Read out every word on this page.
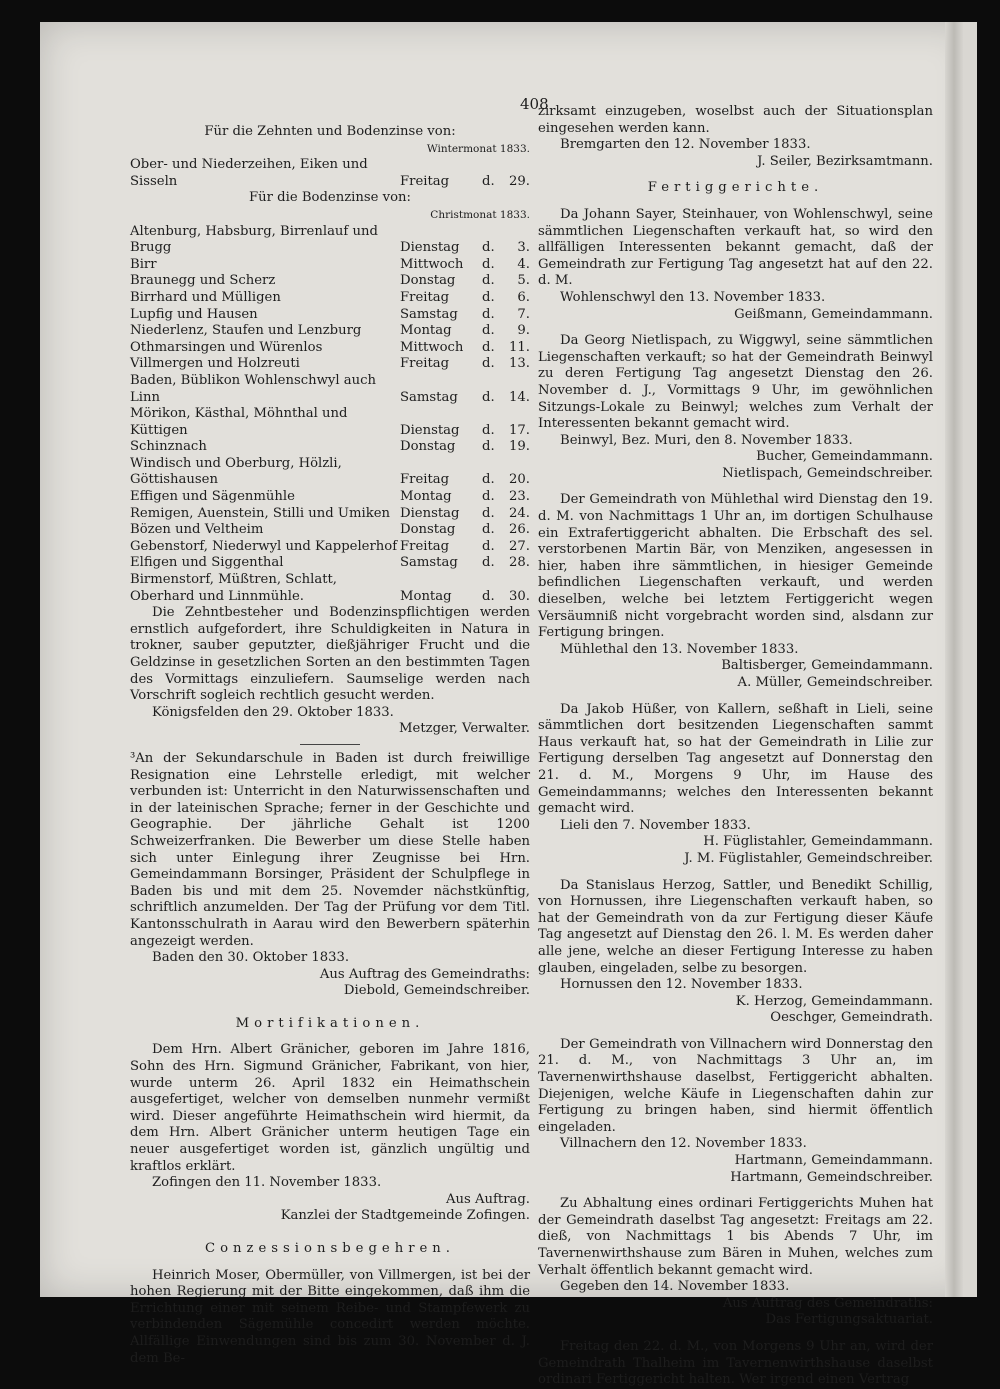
408
Für die Zehnten und Bodenzinse von:
Wintermonat 1833.
Ober- und Niederzeihen, Eiken und Sisseln	Freitag	d.	29.
Für die Bodenzinse von:
Christmonat 1833.
Altenburg, Habsburg, Birrenlauf und Brugg	Dienstag	d.	3.
Birr	Mittwoch	d.	4.
Braunegg und Scherz	Donstag	d.	5.
Birrhard und Mülligen	Freitag	d.	6.
Lupfig und Hausen	Samstag	d.	7.
Niederlenz, Staufen und Lenzburg	Montag	d.	9.
Othmarsingen und Würenlos	Mittwoch	d.	11.
Villmergen und Holzreuti	Freitag	d.	13.
Baden, Büblikon Wohlenschwyl auch Linn	Samstag	d.	14.
Mörikon, Kästhal, Möhnthal und Küttigen	Dienstag	d.	17.
Schinznach	Donstag	d.	19.
Windisch und Oberburg, Hölzli, Göttishausen	Freitag	d.	20.
Effigen und Sägenmühle	Montag	d.	23.
Remigen, Auenstein, Stilli und Umiken	Dienstag	d.	24.
Bözen und Veltheim	Donstag	d.	26.
Gebenstorf, Niederwyl und Kappelerhof	Freitag	d.	27.
Elfigen und Siggenthal	Samstag	d.	28.
Birmenstorf, Müßtren, Schlatt, Oberhard und Linnmühle.	Montag	d.	30.
Die Zehntbesteher und Bodenzinspflichtigen werden ernstlich aufgefordert, ihre Schuldigkeiten in Natura in trokner, sauber geputzter, dießjähriger Frucht und die Geldzinse in gesetzlichen Sorten an den bestimmten Tagen des Vormittags einzuliefern. Saumselige werden nach Vorschrift sogleich rechtlich gesucht werden.
Königsfelden den 29. Oktober 1833.
Metzger, Verwalter.
³An der Sekundarschule in Baden ist durch freiwillige Resignation eine Lehrstelle erledigt, mit welcher verbunden ist: Unterricht in den Naturwissenschaften und in der lateinischen Sprache; ferner in der Geschichte und Geographie. Der jährliche Gehalt ist 1200 Schweizerfranken. Die Bewerber um diese Stelle haben sich unter Einlegung ihrer Zeugnisse bei Hrn. Gemeindammann Borsinger, Präsident der Schulpflege in Baden bis und mit dem 25. Novemder nächstkünftig, schriftlich anzumelden. Der Tag der Prüfung vor dem Titl. Kantonsschulrath in Aarau wird den Bewerbern späterhin angezeigt werden.
Baden den 30. Oktober 1833.
Aus Auftrag des Gemeindraths:
Diebold, Gemeindschreiber.
Mortifikationen.
Dem Hrn. Albert Gränicher, geboren im Jahre 1816, Sohn des Hrn. Sigmund Gränicher, Fabrikant, von hier, wurde unterm 26. April 1832 ein Heimathschein ausgefertiget, welcher von demselben nunmehr vermißt wird. Dieser angeführte Heimathschein wird hiermit, da dem Hrn. Albert Gränicher unterm heutigen Tage ein neuer ausgefertiget worden ist, gänzlich ungültig und kraftlos erklärt.
Zofingen den 11. November 1833.
Aus Auftrag.
Kanzlei der Stadtgemeinde Zofingen.
Conzessionsbegehren.
Heinrich Moser, Obermüller, von Villmergen, ist bei der hohen Regierung mit der Bitte eingekommen, daß ihm die Errichtung einer mit seinem Reibe- und Stampfewerk zu verbindenden Sägemühle concedirt werden möchte. Allfällige Einwendungen sind bis zum 30. November d. J. dem Be-
zirksamt einzugeben, woselbst auch der Situationsplan eingesehen werden kann.
Bremgarten den 12. November 1833.
J. Seiler, Bezirksamtmann.
Fertiggerichte.
Da Johann Sayer, Steinhauer, von Wohlenschwyl, seine sämmtlichen Liegenschaften verkauft hat, so wird den allfälligen Interessenten bekannt gemacht, daß der Gemeindrath zur Fertigung Tag angesetzt hat auf den 22. d. M.
Wohlenschwyl den 13. November 1833.
Geißmann, Gemeindammann.
Da Georg Nietlispach, zu Wiggwyl, seine sämmtlichen Liegenschaften verkauft; so hat der Gemeindrath Beinwyl zu deren Fertigung Tag angesetzt Dienstag den 26. November d. J., Vormittags 9 Uhr, im gewöhnlichen Sitzungs-Lokale zu Beinwyl; welches zum Verhalt der Interessenten bekannt gemacht wird.
Beinwyl, Bez. Muri, den 8. November 1833.
Bucher, Gemeindammann.
Nietlispach, Gemeindschreiber.
Der Gemeindrath von Mühlethal wird Dienstag den 19. d. M. von Nachmittags 1 Uhr an, im dortigen Schulhause ein Extrafertiggericht abhalten. Die Erbschaft des sel. verstorbenen Martin Bär, von Menziken, angesessen in hier, haben ihre sämmtlichen, in hiesiger Gemeinde befindlichen Liegenschaften verkauft, und werden dieselben, welche bei letztem Fertiggericht wegen Versäumniß nicht vorgebracht worden sind, alsdann zur Fertigung bringen.
Mühlethal den 13. November 1833.
Baltisberger, Gemeindammann.
A. Müller, Gemeindschreiber.
Da Jakob Hüßer, von Kallern, seßhaft in Lieli, seine sämmtlichen dort besitzenden Liegenschaften sammt Haus verkauft hat, so hat der Gemeindrath in Lilie zur Fertigung derselben Tag angesetzt auf Donnerstag den 21. d. M., Morgens 9 Uhr, im Hause des Gemeindammanns; welches den Interessenten bekannt gemacht wird.
Lieli den 7. November 1833.
H. Füglistahler, Gemeindammann.
J. M. Füglistahler, Gemeindschreiber.
Da Stanislaus Herzog, Sattler, und Benedikt Schillig, von Hornussen, ihre Liegenschaften verkauft haben, so hat der Gemeindrath von da zur Fertigung dieser Käufe Tag angesetzt auf Dienstag den 26. l. M. Es werden daher alle jene, welche an dieser Fertigung Interesse zu haben glauben, eingeladen, selbe zu besorgen.
Hornussen den 12. November 1833.
K. Herzog, Gemeindammann.
Oeschger, Gemeindrath.
Der Gemeindrath von Villnachern wird Donnerstag den 21. d. M., von Nachmittags 3 Uhr an, im Tavernenwirthshause daselbst, Fertiggericht abhalten. Diejenigen, welche Käufe in Liegenschaften dahin zur Fertigung zu bringen haben, sind hiermit öffentlich eingeladen.
Villnachern den 12. November 1833.
Hartmann, Gemeindammann.
Hartmann, Gemeindschreiber.
Zu Abhaltung eines ordinari Fertiggerichts Muhen hat der Gemeindrath daselbst Tag angesetzt: Freitags am 22. dieß, von Nachmittags 1 bis Abends 7 Uhr, im Tavernenwirthshause zum Bären in Muhen, welches zum Verhalt öffentlich bekannt gemacht wird.
Gegeben den 14. November 1833.
Aus Auftrag des Gemeindraths:
Das Fertigungsaktuariat.
Freitag den 22. d. M., von Morgens 9 Uhr an, wird der Gemeindrath Thalheim im Tavernenwirthshause daselbst ordinari Fertiggericht halten. Wer irgend einen Vertrag
